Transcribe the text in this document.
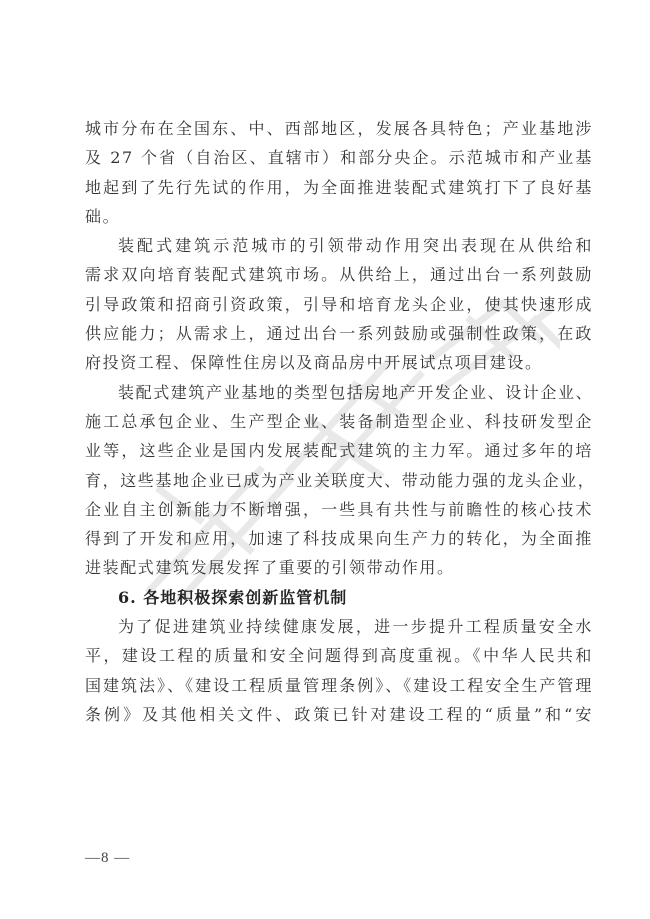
城市分布在全国东、中、西部地区，发展各具特色；产业基地涉
及 27 个省（自治区、直辖市）和部分央企。示范城市和产业基
地起到了先行先试的作用，为全面推进装配式建筑打下了良好基
础。
装配式建筑示范城市的引领带动作用突出表现在从供给和
需求双向培育装配式建筑市场。从供给上，通过出台一系列鼓励
引导政策和招商引资政策，引导和培育龙头企业，使其快速形成
供应能力；从需求上，通过出台一系列鼓励或强制性政策，在政
府投资工程、保障性住房以及商品房中开展试点项目建设。
装配式建筑产业基地的类型包括房地产开发企业、设计企业、
施工总承包企业、生产型企业、装备制造型企业、科技研发型企
业等，这些企业是国内发展装配式建筑的主力军。通过多年的培
育，这些基地企业已成为产业关联度大、带动能力强的龙头企业，
企业自主创新能力不断增强，一些具有共性与前瞻性的核心技术
得到了开发和应用，加速了科技成果向生产力的转化，为全面推
进装配式建筑发展发挥了重要的引领带动作用。
6. 各地积极探索创新监管机制
为了促进建筑业持续健康发展，进一步提升工程质量安全水
平，建设工程的质量和安全问题得到高度重视。《中华人民共和
国建筑法》、《建设工程质量管理条例》、《建设工程安全生产管理
条例》及其他相关文件、政策已针对建设工程的“质量”和“安
—8 —
